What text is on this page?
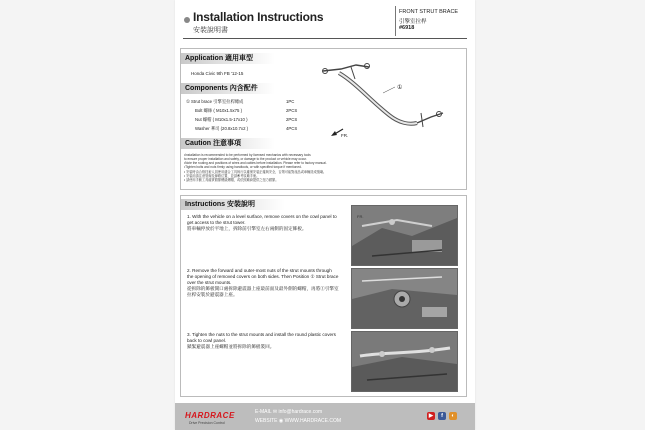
Installation Instructions
安裝說明書
FRONT STRUT BRACE
引擎室拉桿
#6918
Application 適用車型
Honda Civic 9th FB '12-15
Components 內含配件
① Strut brace 引擎室拉桿總成	1PC
Bolt 螺絲 ( M10x1.5x75 )	2PCS
Nut 螺帽 ( M10x1.5-17x10 )	2PCS
Washer 華司 (20.8x10.7x2 )	4PCS
①
FR.
Caution 注意事項
•Installation is recommended to be performed by licensed mechanics with necessary tools
to ensure proper installation and safety, or damage to the product or vehicle may occur.
•Note the routing and positions of wires and cables before installation. Please refer to factory manual.
•Tighten bolts and nuts firmly using handtools, or with specified torque if mentioned.
• 安裝時由合格技術人員使用適合工具執行以確保安裝正確與安全，否則可能對產品或車輛造成損壞。
• 安裝前請注意管線及線路位置，並請參考原廠手冊。
• 請使用手動工具確實鎖緊螺絲螺帽，或依照廠商提供之扭力鎖緊。
Instructions 安裝說明
1. With the vehicle on a level surface, remove covers on the cowl panel to get access to the strut tower.
將車輛停放於平地上，拆除前引擎室左右兩側的固定飾板。
2. Remove the forward and outer-most nuts of the strut mounts through the opening of removed covers on both sides. Then Position ① Strut brace over the strut mounts.
從拆除的飾板開口處拆除避震器上座最前面及最外側的螺帽，再將①引擎室拉桿安裝於避震器上座。
3. Tighten the nuts to the strut mounts and install the round plastic covers back to cowl panel.
鎖緊避震器上座螺帽並將拆除的飾板裝回。
FR.
HARDRACE
Drive Precision Control
E-MAIL ✉ info@hardrace.com
WEBSITE ◉ WWW.HARDRACE.COM
▶	f	◐
